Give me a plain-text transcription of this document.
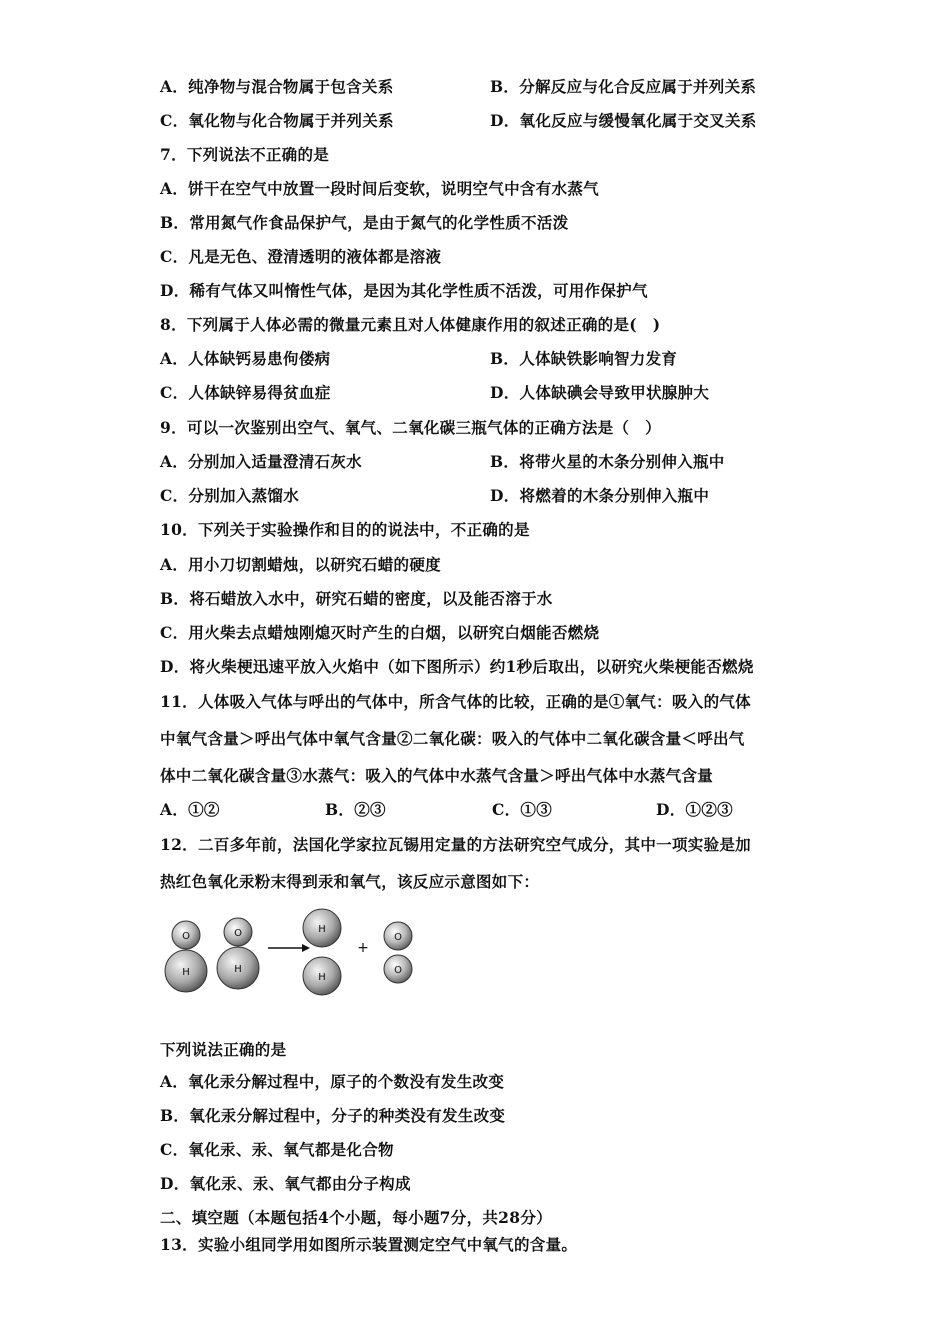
A．纯净物与混合物属于包含关系	B．分解反应与化合反应属于并列关系
C．氧化物与化合物属于并列关系	D．氧化反应与缓慢氧化属于交叉关系
7．下列说法不正确的是
A．饼干在空气中放置一段时间后变软，说明空气中含有水蒸气
B．常用氮气作食品保护气，是由于氮气的化学性质不活泼
C．凡是无色、澄清透明的液体都是溶液
D．稀有气体又叫惰性气体，是因为其化学性质不活泼，可用作保护气
8．下列属于人体必需的微量元素且对人体健康作用的叙述正确的是(　)
A．人体缺钙易患佝偻病	B．人体缺铁影响智力发育
C．人体缺锌易得贫血症	D．人体缺碘会导致甲状腺肿大
9．可以一次鉴别出空气、氧气、二氧化碳三瓶气体的正确方法是（　）
A．分别加入适量澄清石灰水	B．将带火星的木条分别伸入瓶中
C．分别加入蒸馏水	D．将燃着的木条分别伸入瓶中
10．下列关于实验操作和目的的说法中，不正确的是
A．用小刀切割蜡烛，以研究石蜡的硬度
B．将石蜡放入水中，研究石蜡的密度，以及能否溶于水
C．用火柴去点蜡烛刚熄灭时产生的白烟，以研究白烟能否燃烧
D．将火柴梗迅速平放入火焰中（如下图所示）约1秒后取出，以研究火柴梗能否燃烧
11．人体吸入气体与呼出的气体中，所含气体的比较，正确的是①氧气：吸入的气体
中氧气含量＞呼出气体中氧气含量②二氧化碳：吸入的气体中二氧化碳含量＜呼出气
体中二氧化碳含量③水蒸气：吸入的气体中水蒸气含量＞呼出气体中水蒸气含量
A．①②	B．②③	C．①③	D．①②③
12．二百多年前，法国化学家拉瓦锡用定量的方法研究空气成分，其中一项实验是加
热红色氧化汞粉末得到汞和氧气，该反应示意图如下：
O
H
O
H
H
H
+
O
O
下列说法正确的是
A．氧化汞分解过程中，原子的个数没有发生改变
B．氧化汞分解过程中，分子的种类没有发生改变
C．氧化汞、汞、氧气都是化合物
D．氧化汞、汞、氧气都由分子构成
二、填空题（本题包括4个小题，每小题7分，共28分）
13．实验小组同学用如图所示装置测定空气中氧气的含量。
